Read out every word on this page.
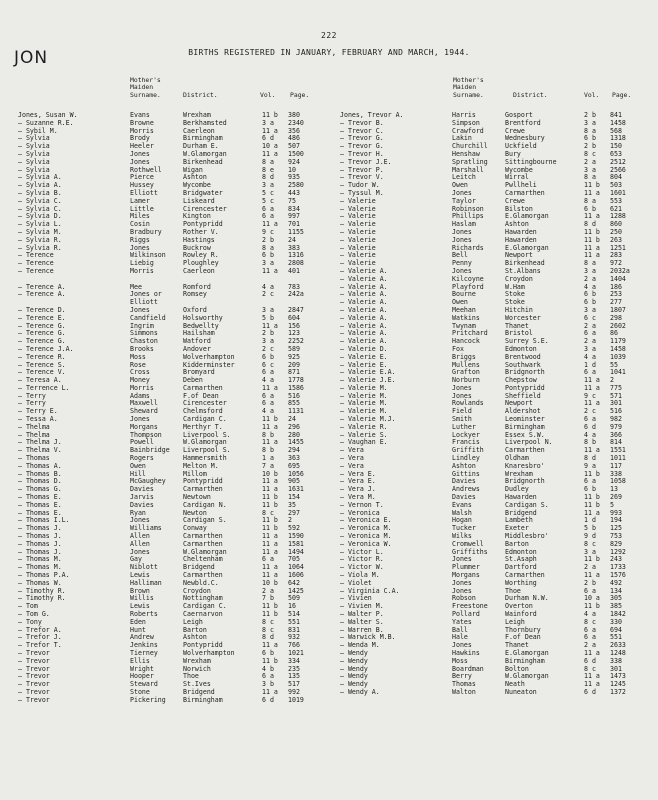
222
JON	BIRTHS REGISTERED IN JANUARY, FEBRUARY AND MARCH, 1944.
Mother's
Maiden
Surname.	District.	Vol. Page.
Mother's
Maiden
Surname.	District.	Vol. Page.
Jones, Susan W.	Evans	Wrexham	11 b 380
— Suzanne R.E.	Browne	Berkhamsted	3 a 2340
— Sybil M.	Morris	Caerleon	11 a 356
— Sylvia	Brody	Birmingham	6 d 486
— Sylvia	Heeler	Durham E.	10 a 507
— Sylvia	Jones	W.Glamorgan	11 a 1500
— Sylvia	Jones	Birkenhead	8 a 924
— Sylvia	Rothwell	Wigan	8 e 10
— Sylvia A.	Pierce	Ashton	8 d 935
— Sylvia A.	Hussey	Wycombe	3 a 2580
— Sylvia B.	Elliott	Bridgwater	5 c 443
— Sylvia C.	Lamer	Liskeard	5 c 75
— Sylvia C.	Little	Cirencester	6 a 834
— Sylvia D.	Miles	Kington	6 a 997
— Sylvia L.	Cosin	Pontypridd	11 a 701
— Sylvia M.	Bradbury	Rother V.	9 c 1155
— Sylvia R.	Riggs	Hastings	2 b 24
— Sylvia R.	Jones	Buckrow	8 a 383
— Terence	Wilkinson	Rowley R.	6 b 1316
— Terence	Liebig	Ploughley	3 a 2808
— Terence	Morris	Caerleon	11 a 401
— Terence A.	Mee	Romford	4 a 783
— Terence A.	Jones or	Romsey	2 c 242a
Elliott
— Terence D.	Jones	Oxford	3 a 2847
— Terence E.	Candfield	Holsworthy	5 b 604
— Terence G.	Ingrim	Bedwellty	11 a 156
— Terence G.	Simmons	Hailsham	2 b 123
— Terence G.	Chaston	Watford	3 a 2252
— Terence J.A.	Brooks	Andover	2 c 589
— Terence R.	Moss	Wolverhampton	6 b 925
— Terence S.	Rose	Kidderminster	6 c 209
— Terence V.	Cross	Bromyard	6 a 871
— Teresa A.	Money	Deben	4 a 1778
— Terrence L.	Morris	Carmarthen	11 a 1586
— Terry	Adams	F.of Dean	6 a 516
— Terry	Maxwell	Cirencester	6 a 855
— Terry E.	Sheward	Chelmsford	4 a 1131
— Tessa A.	Jones	Cardigan C.	11 b 24
— Thelma	Morgans	Merthyr T.	11 a 296
— Thelma	Thompson	Liverpool S.	8 b 280
— Thelma J.	Powell	W.Glamorgan	11 a 1455
— Thelma V.	Bainbridge Liverpool S.	8 b 294
— Thomas	Rogers	Hammersmith	1 a 363
— Thomas A.	Owen	Melton M.	7 a 695
— Thomas B.	Hill	Millom	10 b 1056
— Thomas D.	McGaughey	Pontypridd	11 a 905
— Thomas G.	Davies	Carmarthen	11 a 1631
— Thomas E.	Jarvis	Newtown	11 b 154
— Thomas E.	Davies	Cardigan N.	11 b 35
— Thomas E.	Ryan	Newton	8 c 297
— Thomas I.L.	Jones	Cardigan S.	11 b 2
— Thomas J.	Williams	Conway	11 b 592
— Thomas J.	Allen	Carmarthen	11 a 1590
— Thomas J.	Allen	Carmarthen	11 a 1581
— Thomas J.	Jones	W.Glamorgan	11 a 1494
— Thomas M.	Gay	Cheltenham	6 a 705
— Thomas M.	Niblott	Bridgend	11 a 1064
— Thomas P.A.	Lewis	Carmarthen	11 a 1606
— Thomas W.	Halliman	Newbld.C.	10 b 642
— Timothy R.	Brown	Croydon	2 a 1425
— Timothy R.	Willis	Nottingham	7 b 509
— Tom	Lewis	Cardigan C.	11 b 16
— Tom G.	Roberts	Caernarvon	11 b 514
— Tony	Eden	Leigh	8 c 551
— Trefor A.	Hunt	Barton	8 c 831
— Trefor J.	Andrew	Ashton	8 d 932
— Trefor T.	Jenkins	Pontypridd	11 a 766
— Trevor	Tierney	Wolverhampton	6 b 1021
— Trevor	Ellis	Wrexham	11 b 334
— Trevor	Wright	Norwich	4 b 235
— Trevor	Hooper	Thoe	6 a 135
— Trevor	Steward	St.Ives	3 b 517
— Trevor	Stone	Bridgend	11 a 992
— Trevor	Pickering	Birmingham	6 d 1019
Jones, Trevor A.	Harris	Gosport	2 b 841
— Trevor B.	Simpson	Brentford	3 a 1458
— Trevor C.	Crawford	Crewe	8 a 568
— Trevor G.	Lakin	Wednesbury	6 b 1318
— Trevor G.	Churchill	Uckfield	2 b 150
— Trevor H.	Henshaw	Bury	8 c 653
— Trevor J.E.	Spratling	Sittingbourne	2 a 2512
— Trevor P.	Marshall	Wycombe	3 a 2566
— Trevor V.	Leitch	Wirral	8 a 804
— Tudor W.	Owen	Pwllheli	11 b 503
— Tyssul M.	Jones	Carmarthen	11 a 1601
— Valerie	Taylor	Crewe	8 a 553
— Valerie	Robinson	Bilston	6 b 621
— Valerie	Phillips	E.Glamorgan	11 a 1288
— Valerie	Haslam	Ashton	8 d 860
— Valerie	Jones	Hawarden	11 b 250
— Valerie	Jones	Hawarden	11 b 263
— Valerie	Richards	E.Glamorgan	11 a 1251
— Valerie	Bell	Newport	11 a 283
— Valerie	Penny	Birkenhead	8 a 972
— Valerie A.	Jones	St.Albans	3 a 2032a
— Valerie A.	Kilcoyne	Croydon	2 a 1404
— Valerie A.	Playford	W.Ham	4 a 186
— Valerie A.	Bourne	Stoke	6 b 253
— Valerie A.	Owen	Stoke	6 b 277
— Valerie A.	Meehan	Hitchin	3 a 1807
— Valerie A.	Watkins	Worcester	6 c 298
— Valerie A.	Twynam	Thanet	2 a 2602
— Valerie A.	Pritchard	Bristol	6 a 86
— Valerie A.	Hancock	Surrey S.E.	2 a 1179
— Valerie D.	Fox	Edmonton	3 a 1458
— Valerie E.	Briggs	Brentwood	4 a 1039
— Valerie E.	Mullens	Southwark	1 d 55
— Valerie E.A.	Grafton	Bridgnorth	6 a 1041
— Valerie J.E.	Norburn	Chepstow	11 a 2
— Valerie M.	Jones	Pontypridd	11 a 775
— Valerie M.	Jones	Sheffield	9 c 571
— Valerie M.	Rowlands	Newport	11 a 301
— Valerie M.	Field	Aldershot	2 c 516
— Valerie M.J.	Smith	Leominster	6 a 982
— Valerie R.	Luther	Birmingham	6 d 979
— Valerie S.	Lockyer	Essex S.W.	4 a 366
— Vaughan E.	Francis	Liverpool N.	8 b 814
— Vera	Griffith	Carmarthen	11 a 1551
— Vera	Lindley	Oldham	8 d 1011
— Vera	Ashton	Knaresbro'	9 a 117
— Vera E.	Gittins	Wrexham	11 b 338
— Vera E.	Davies	Bridgnorth	6 a 1058
— Vera J.	Andrews	Dudley	6 b 13
— Vera M.	Davies	Hawarden	11 b 269
— Vernon T.	Evans	Cardigan S.	11 b 5
— Veronica	Walsh	Bridgend	11 a 993
— Veronica E.	Hogan	Lambeth	1 d 194
— Veronica M.	Tucker	Exeter	5 b 125
— Veronica M.	Wilks	Middlesbro'	9 d 753
— Veronica W.	Cromwell	Barton	8 c 829
— Victor L.	Griffiths	Edmonton	3 a 1292
— Victor R.	Jones	St.Asaph	11 b 243
— Victor W.	Plummer	Dartford	2 a 1733
— Viola M.	Morgans	Carmarthen	11 a 1576
— Violet	Jones	Worthing	2 b 492
— Virginia C.A.	Jones	Thoe	6 a 134
— Vivien	Robson	Durham N.W.	10 a 305
— Vivien M.	Freestone	Overton	11 b 385
— Walter P.	Pollard	Wainford	4 a 1842
— Walter S.	Yates	Leigh	8 c 330
— Warren B.	Ball	Thornbury	6 a 694
— Warwick M.B.	Hale	F.of Dean	6 a 551
— Wenda M.	Jones	Thanet	2 a 2633
— Wendy	Hawkins	E.Glamorgan	11 a 1248
— Wendy	Moss	Birmingham	6 d 338
— Wendy	Boardman	Bolton	8 c 301
— Wendy	Berry	W.Glamorgan	11 a 1473
— Wendy	Thomas	Neath	11 a 1245
— Wendy A.	Walton	Nuneaton	6 d 1372
